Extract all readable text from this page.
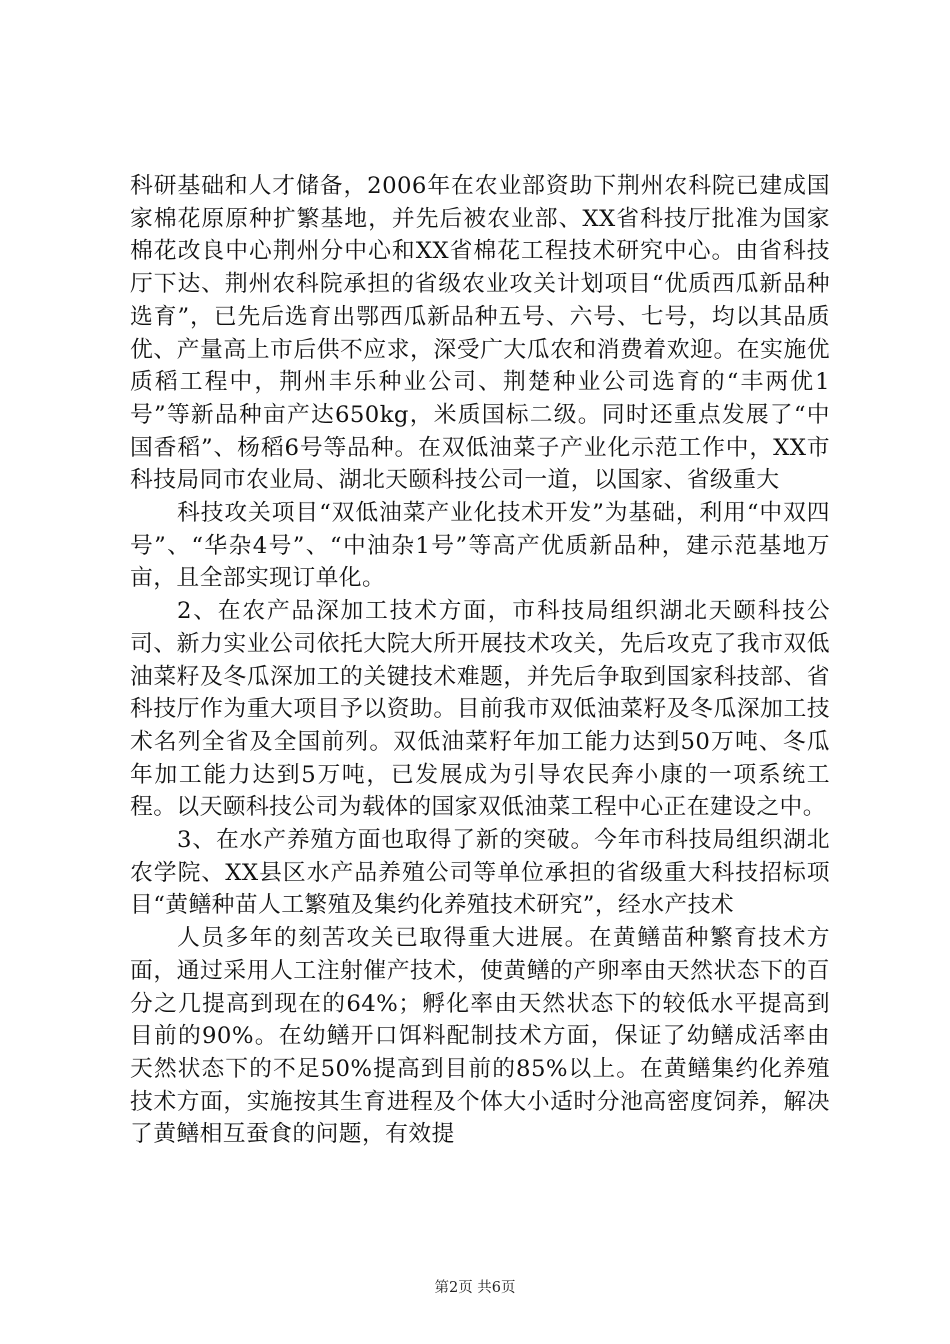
科研基础和人才储备，2006年在农业部资助下荆州农科院已建成国家棉花原原种扩繁基地，并先后被农业部、XX省科技厅批准为国家棉花改良中心荆州分中心和XX省棉花工程技术研究中心。由省科技厅下达、荆州农科院承担的省级农业攻关计划项目“优质西瓜新品种选育”，已先后选育出鄂西瓜新品种五号、六号、七号，均以其品质优、产量高上市后供不应求，深受广大瓜农和消费着欢迎。在实施优质稻工程中，荆州丰乐种业公司、荆楚种业公司选育的“丰两优1号”等新品种亩产达650kg，米质国标二级。同时还重点发展了“中国香稻”、杨稻6号等品种。在双低油菜子产业化示范工作中，XX市科技局同市农业局、湖北天颐科技公司一道，以国家、省级重大

科技攻关项目“双低油菜产业化技术开发”为基础，利用“中双四号”、“华杂4号”、“中油杂1号”等高产优质新品种，建示范基地万亩，且全部实现订单化。

2、在农产品深加工技术方面，市科技局组织湖北天颐科技公司、新力实业公司依托大院大所开展技术攻关，先后攻克了我市双低油菜籽及冬瓜深加工的关键技术难题，并先后争取到国家科技部、省科技厅作为重大项目予以资助。目前我市双低油菜籽及冬瓜深加工技术名列全省及全国前列。双低油菜籽年加工能力达到50万吨、冬瓜年加工能力达到5万吨，已发展成为引导农民奔小康的一项系统工程。以天颐科技公司为载体的国家双低油菜工程中心正在建设之中。

3、在水产养殖方面也取得了新的突破。今年市科技局组织湖北农学院、XX县区水产品养殖公司等单位承担的省级重大科技招标项目“黄鳝种苗人工繁殖及集约化养殖技术研究”，经水产技术

人员多年的刻苦攻关已取得重大进展。在黄鳝苗种繁育技术方面，通过采用人工注射催产技术，使黄鳝的产卵率由天然状态下的百分之几提高到现在的64%；孵化率由天然状态下的较低水平提高到目前的90%。在幼鳝开口饵料配制技术方面，保证了幼鳝成活率由天然状态下的不足50%提高到目前的85%以上。在黄鳝集约化养殖技术方面，实施按其生育进程及个体大小适时分池高密度饲养，解决了黄鳝相互蚕食的问题，有效提

第2页 共6页
